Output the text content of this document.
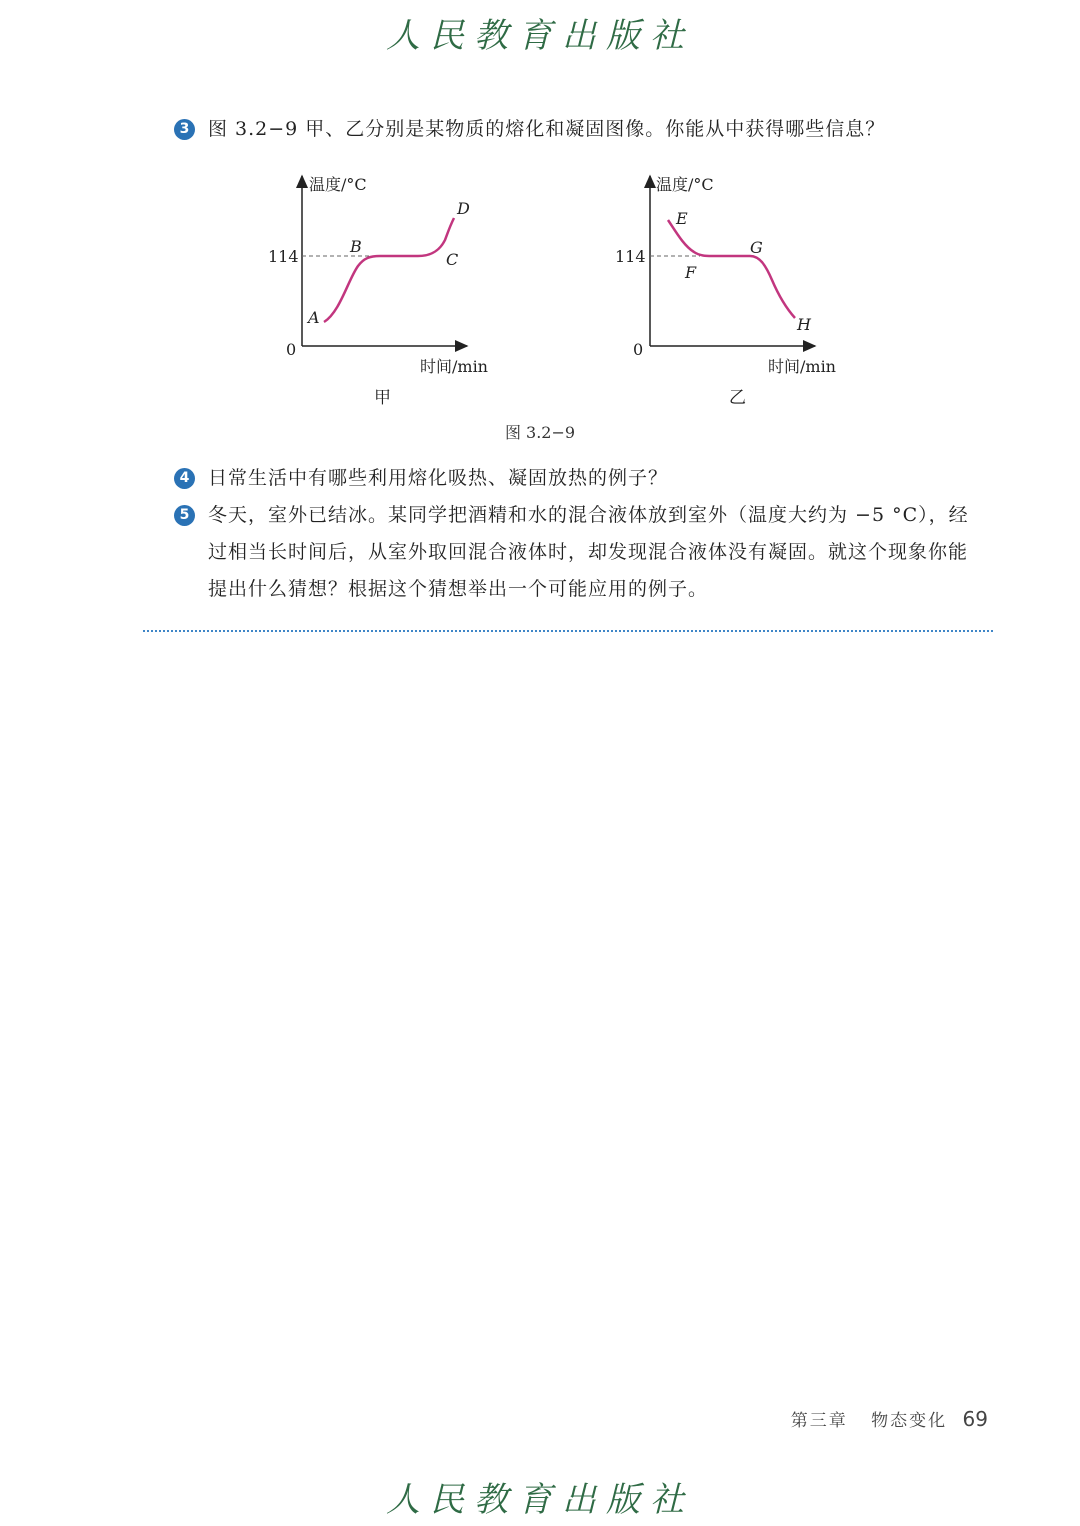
人民教育出版社
3 图 3.2−9 甲、乙分别是某物质的熔化和凝固图像。你能从中获得哪些信息？
温度/°C
时间/min
114
0
A
B
C
D
甲
温度/°C
时间/min
114
0
E
F
G
H
乙
图 3.2−9
4 日常生活中有哪些利用熔化吸热、凝固放热的例子？
5 冬天，室外已结冰。某同学把酒精和水的混合液体放到室外（温度大约为 −5 °C），经过相当长时间后，从室外取回混合液体时，却发现混合液体没有凝固。就这个现象你能提出什么猜想？根据这个猜想举出一个可能应用的例子。
第三章 物态变化 69
人民教育出版社
